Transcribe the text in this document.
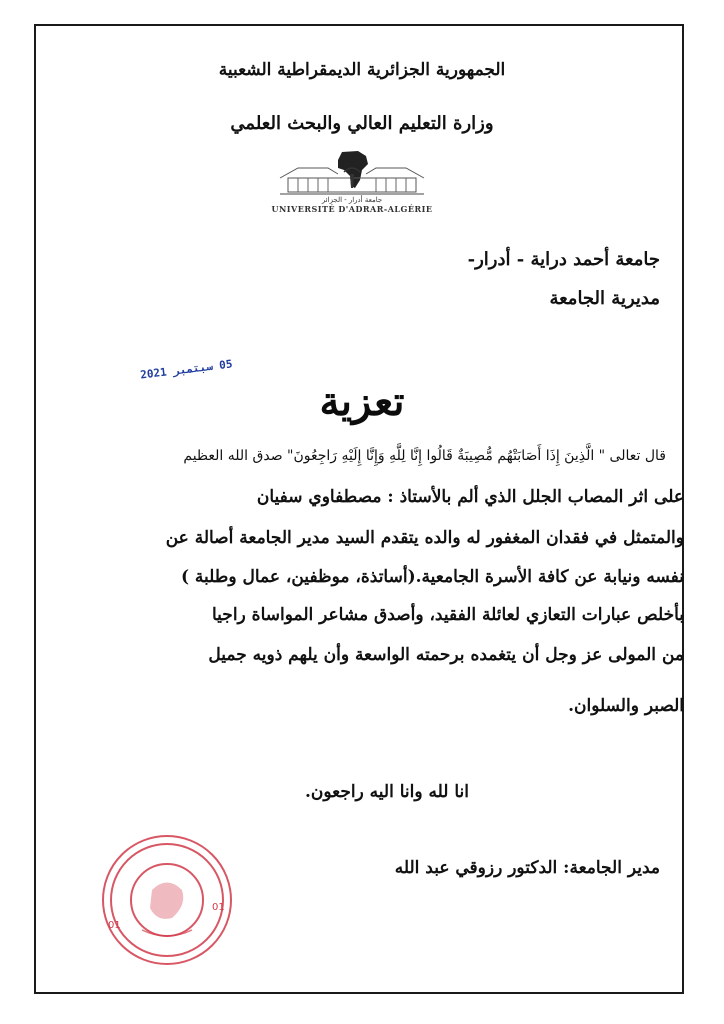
الجمهورية الجزائرية الديمقراطية الشعبية
وزارة التعليم العالي والبحث العلمي
جامعة أدرار - الجزائر
UNIVERSITÉ D'ADRAR-ALGÉRIE
جامعة أحمد دراية - أدرار-
مديرية الجامعة
05 سبتمبر 2021
تعزية
قال تعالى " الَّذِينَ إِذَا أَصَابَتْهُم مُّصِيبَةٌ قَالُوا إِنَّا لِلَّهِ وَإِنَّا إِلَيْهِ رَاجِعُونَ" صدق الله العظيم
على اثر المصاب الجلل الذي ألم بالأستاذ : مصطفاوي سفيان
والمتمثل في فقدان المغفور له والده يتقدم السيد مدير الجامعة أصالة عن
نفسه ونيابة عن كافة الأسرة الجامعية.(أساتذة، موظفين، عمال وطلبة )
بأخلص عبارات التعازي لعائلة الفقيد، وأصدق مشاعر المواساة راجيا
من المولى عز وجل أن يتغمده برحمته الواسعة وأن يلهم ذويه جميل
الصبر والسلوان.
انا لله وانا اليه راجعون.
مدير الجامعة: الدكتور رزوقي عبد الله
01
01
